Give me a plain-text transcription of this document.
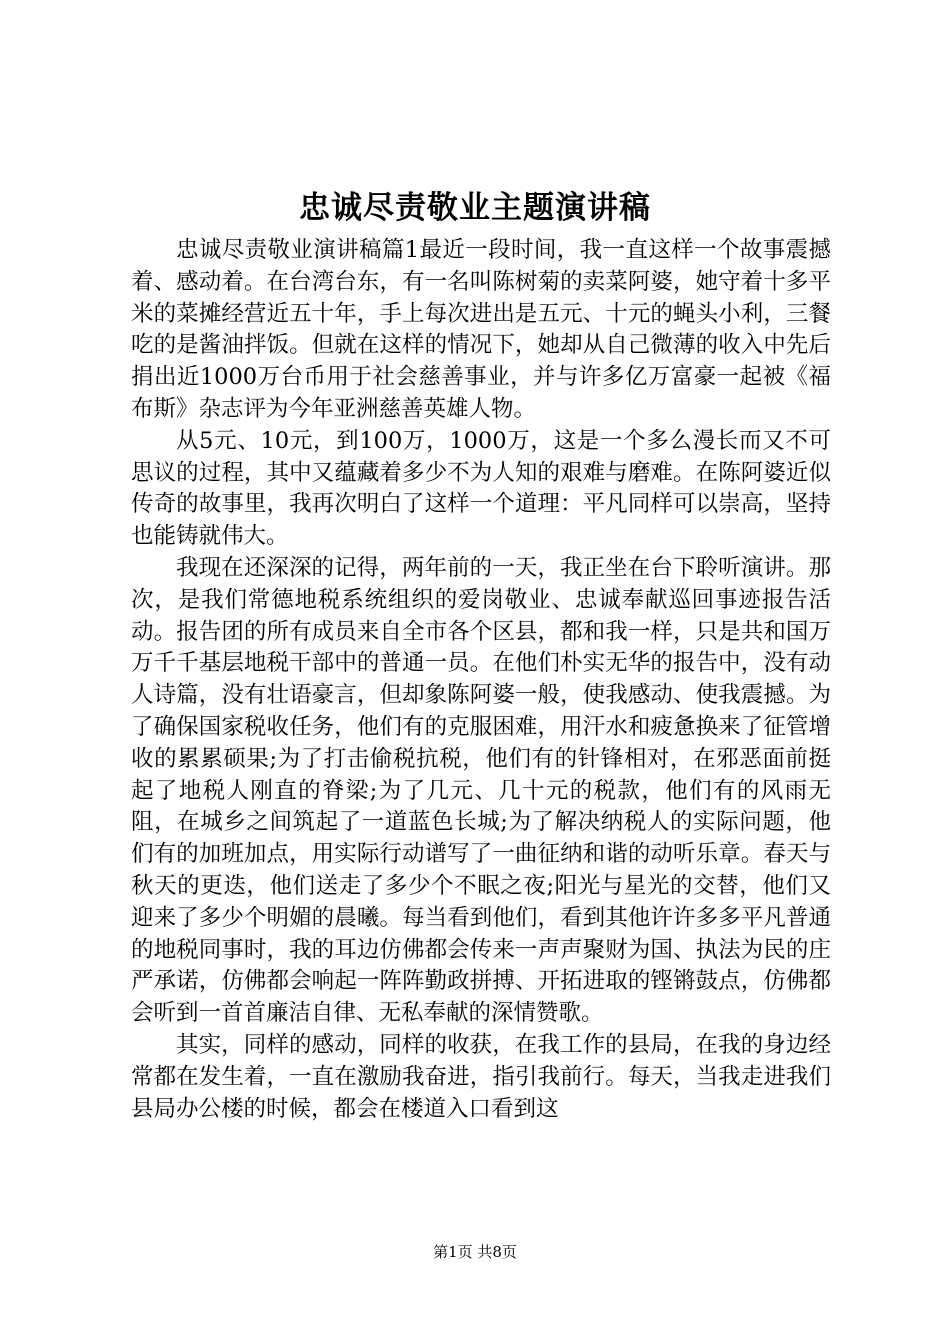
忠诚尽责敬业主题演讲稿

忠诚尽责敬业演讲稿篇1最近一段时间，我一直这样一个故事震撼着、感动着。在台湾台东，有一名叫陈树菊的卖菜阿婆，她守着十多平米的菜摊经营近五十年，手上每次进出是五元、十元的蝇头小利，三餐吃的是酱油拌饭。但就在这样的情况下，她却从自己微薄的收入中先后捐出近1000万台币用于社会慈善事业，并与许多亿万富豪一起被《福布斯》杂志评为今年亚洲慈善英雄人物。

从5元、10元，到100万，1000万，这是一个多么漫长而又不可思议的过程，其中又蕴藏着多少不为人知的艰难与磨难。在陈阿婆近似传奇的故事里，我再次明白了这样一个道理：平凡同样可以崇高，坚持也能铸就伟大。

我现在还深深的记得，两年前的一天，我正坐在台下聆听演讲。那次，是我们常德地税系统组织的爱岗敬业、忠诚奉献巡回事迹报告活动。报告团的所有成员来自全市各个区县，都和我一样，只是共和国万万千千基层地税干部中的普通一员。在他们朴实无华的报告中，没有动人诗篇，没有壮语豪言，但却象陈阿婆一般，使我感动、使我震撼。为了确保国家税收任务，他们有的克服困难，用汗水和疲惫换来了征管增收的累累硕果;为了打击偷税抗税，他们有的针锋相对，在邪恶面前挺起了地税人刚直的脊梁;为了几元、几十元的税款，他们有的风雨无阻，在城乡之间筑起了一道蓝色长城;为了解决纳税人的实际问题，他们有的加班加点，用实际行动谱写了一曲征纳和谐的动听乐章。春天与秋天的更迭，他们送走了多少个不眠之夜;阳光与星光的交替，他们又迎来了多少个明媚的晨曦。每当看到他们，看到其他许许多多平凡普通的地税同事时，我的耳边仿佛都会传来一声声聚财为国、执法为民的庄严承诺，仿佛都会响起一阵阵勤政拼搏、开拓进取的铿锵鼓点，仿佛都会听到一首首廉洁自律、无私奉献的深情赞歌。

其实，同样的感动，同样的收获，在我工作的县局，在我的身边经常都在发生着，一直在激励我奋进，指引我前行。每天，当我走进我们县局办公楼的时候，都会在楼道入口看到这

第1页 共8页
